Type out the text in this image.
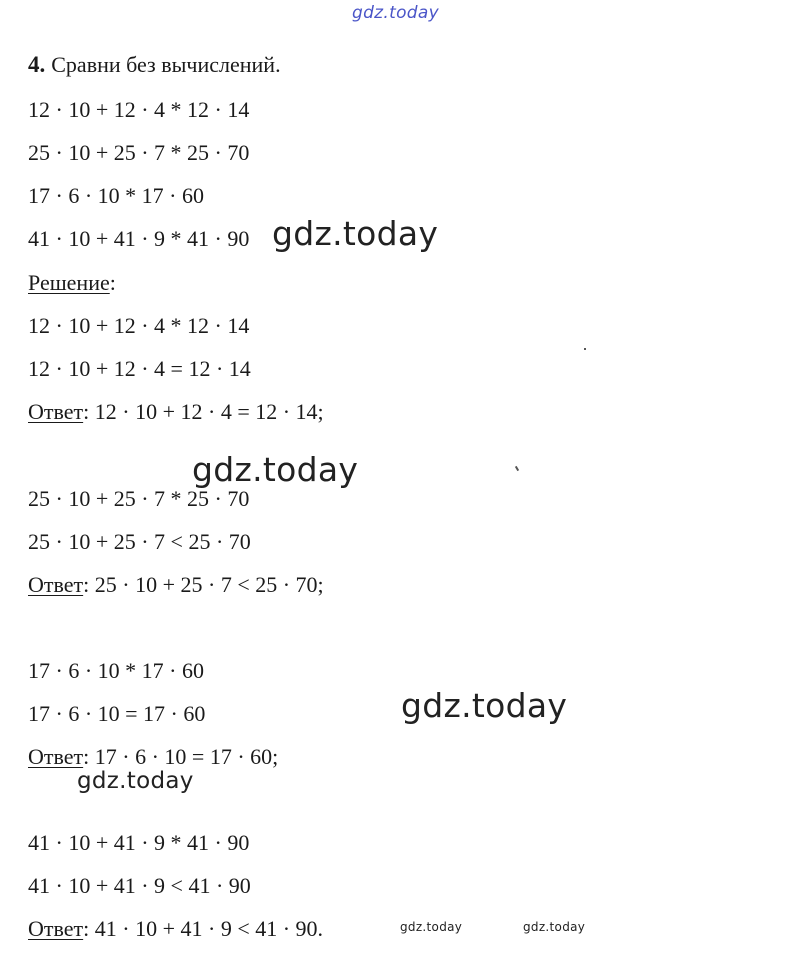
gdz.today
gdz.today
gdz.today
gdz.today
gdz.today
gdz.today	gdz.today
4. Сравни без вычислений.
12 · 10 + 12 · 4 * 12 · 14
25 · 10 + 25 · 7 * 25 · 70
17 · 6 · 10 * 17 · 60
41 · 10 + 41 · 9 * 41 · 90
Решение:
12 · 10 + 12 · 4 * 12 · 14
12 · 10 + 12 · 4 = 12 · 14
Ответ: 12 · 10 + 12 · 4 = 12 · 14;
25 · 10 + 25 · 7 * 25 · 70
25 · 10 + 25 · 7 < 25 · 70
Ответ: 25 · 10 + 25 · 7 < 25 · 70;
17 · 6 · 10 * 17 · 60
17 · 6 · 10 = 17 · 60
Ответ: 17 · 6 · 10 = 17 · 60;
41 · 10 + 41 · 9 * 41 · 90
41 · 10 + 41 · 9 < 41 · 90
Ответ: 41 · 10 + 41 · 9 < 41 · 90.
